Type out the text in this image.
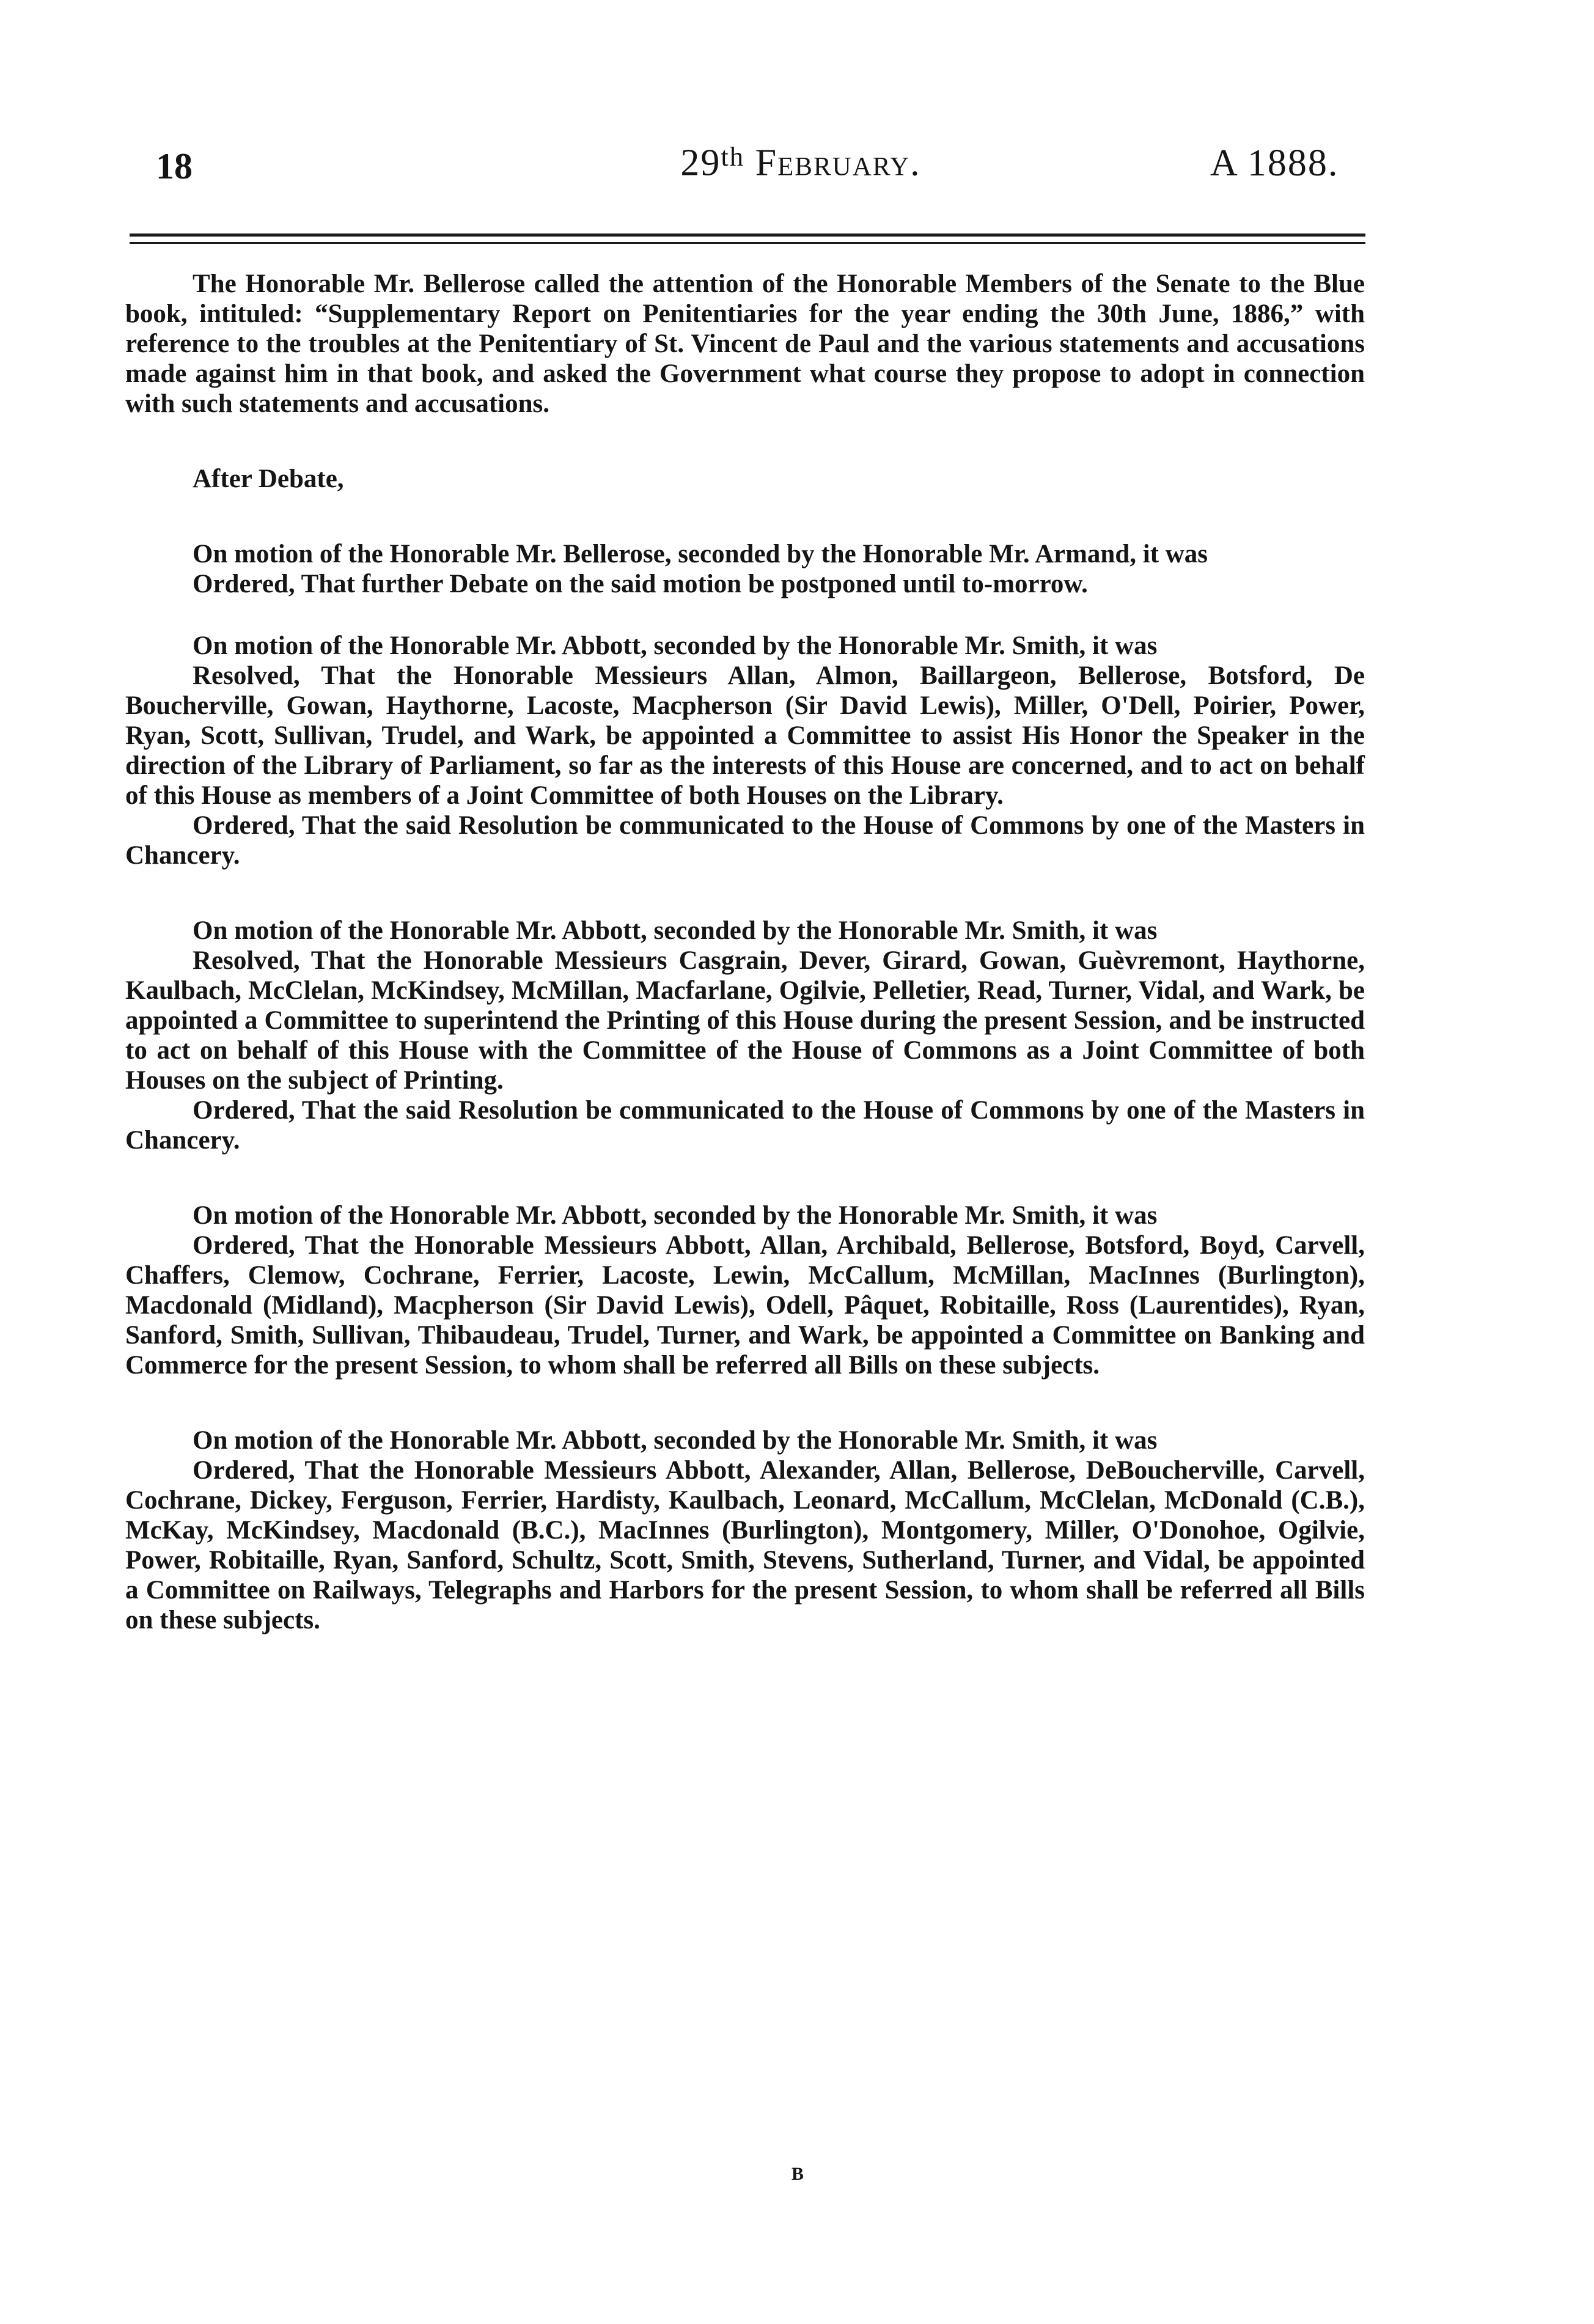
18	29th February.	A 1888.

The Honorable Mr. Bellerose called the attention of the Honorable Members of the Senate to the Blue book, intituled: “Supplementary Report on Penitentiaries for the year ending the 30th June, 1886,” with reference to the troubles at the Penitentiary of St. Vincent de Paul and the various statements and accusations made against him in that book, and asked the Government what course they propose to adopt in connection with such statements and accusations.

After Debate,

On motion of the Honorable Mr. Bellerose, seconded by the Honorable Mr. Armand, it was

Ordered, That further Debate on the said motion be postponed until to-morrow.

On motion of the Honorable Mr. Abbott, seconded by the Honorable Mr. Smith, it was

Resolved, That the Honorable Messieurs Allan, Almon, Baillargeon, Bellerose, Botsford, De Boucherville, Gowan, Haythorne, Lacoste, Macpherson (Sir David Lewis), Miller, O'Dell, Poirier, Power, Ryan, Scott, Sullivan, Trudel, and Wark, be appointed a Committee to assist His Honor the Speaker in the direction of the Library of Parliament, so far as the interests of this House are concerned, and to act on behalf of this House as members of a Joint Committee of both Houses on the Library.

Ordered, That the said Resolution be communicated to the House of Commons by one of the Masters in Chancery.

On motion of the Honorable Mr. Abbott, seconded by the Honorable Mr. Smith, it was

Resolved, That the Honorable Messieurs Casgrain, Dever, Girard, Gowan, Guèvremont, Haythorne, Kaulbach, McClelan, McKindsey, McMillan, Macfarlane, Ogilvie, Pelletier, Read, Turner, Vidal, and Wark, be appointed a Committee to superintend the Printing of this House during the present Session, and be instructed to act on behalf of this House with the Committee of the House of Commons as a Joint Committee of both Houses on the subject of Printing.

Ordered, That the said Resolution be communicated to the House of Commons by one of the Masters in Chancery.

On motion of the Honorable Mr. Abbott, seconded by the Honorable Mr. Smith, it was

Ordered, That the Honorable Messieurs Abbott, Allan, Archibald, Bellerose, Botsford, Boyd, Carvell, Chaffers, Clemow, Cochrane, Ferrier, Lacoste, Lewin, McCallum, McMillan, MacInnes (Burlington), Macdonald (Midland), Macpherson (Sir David Lewis), Odell, Pâquet, Robitaille, Ross (Laurentides), Ryan, Sanford, Smith, Sullivan, Thibaudeau, Trudel, Turner, and Wark, be appointed a Committee on Banking and Commerce for the present Session, to whom shall be referred all Bills on these subjects.

On motion of the Honorable Mr. Abbott, seconded by the Honorable Mr. Smith, it was

Ordered, That the Honorable Messieurs Abbott, Alexander, Allan, Bellerose, DeBoucherville, Carvell, Cochrane, Dickey, Ferguson, Ferrier, Hardisty, Kaulbach, Leonard, McCallum, McClelan, McDonald (C.B.), McKay, McKindsey, Macdonald (B.C.), MacInnes (Burlington), Montgomery, Miller, O'Donohoe, Ogilvie, Power, Robitaille, Ryan, Sanford, Schultz, Scott, Smith, Stevens, Sutherland, Turner, and Vidal, be appointed a Committee on Railways, Telegraphs and Harbors for the present Session, to whom shall be referred all Bills on these subjects.

B
